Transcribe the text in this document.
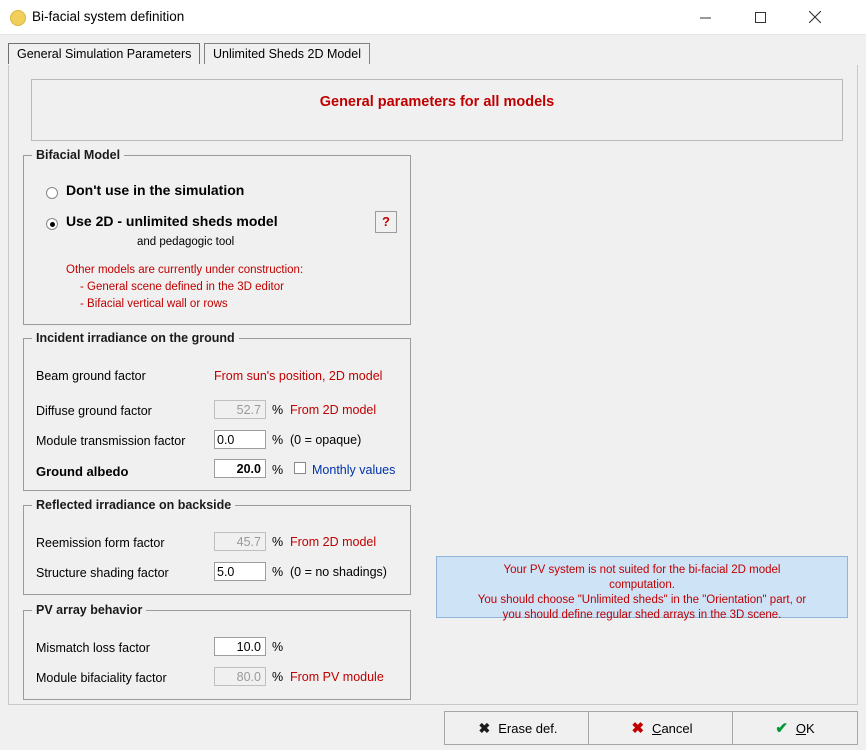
Bi-facial system definition
General Simulation Parameters	Unlimited Sheds 2D Model
General parameters for all models
Bifacial Model
Don't use in the simulation
Use 2D - unlimited sheds model
and pedagogic tool
?
Other models are currently under construction:
- General scene defined in the 3D editor
- Bifacial vertical wall or rows
Incident irradiance on the ground
Beam ground factor	From sun's position, 2D model
Diffuse ground factor	52.7 % From 2D model
Module transmission factor	0.0	% (0 = opaque)
Ground albedo	20.0 % Monthly values
Reflected irradiance on backside
Reemission form factor	45.7 % From 2D model
Structure shading factor	5.0	% (0 = no shadings)
PV array behavior
Mismatch loss factor	10.0 %
Module bifaciality factor	80.0 % From PV module
Your PV system is not suited for the bi-facial 2D model
computation.
You should choose "Unlimited sheds" in the "Orientation" part, or
you should define regular shed arrays in the 3D scene.
✖ Erase def.	✖ Cancel	✔ OK
